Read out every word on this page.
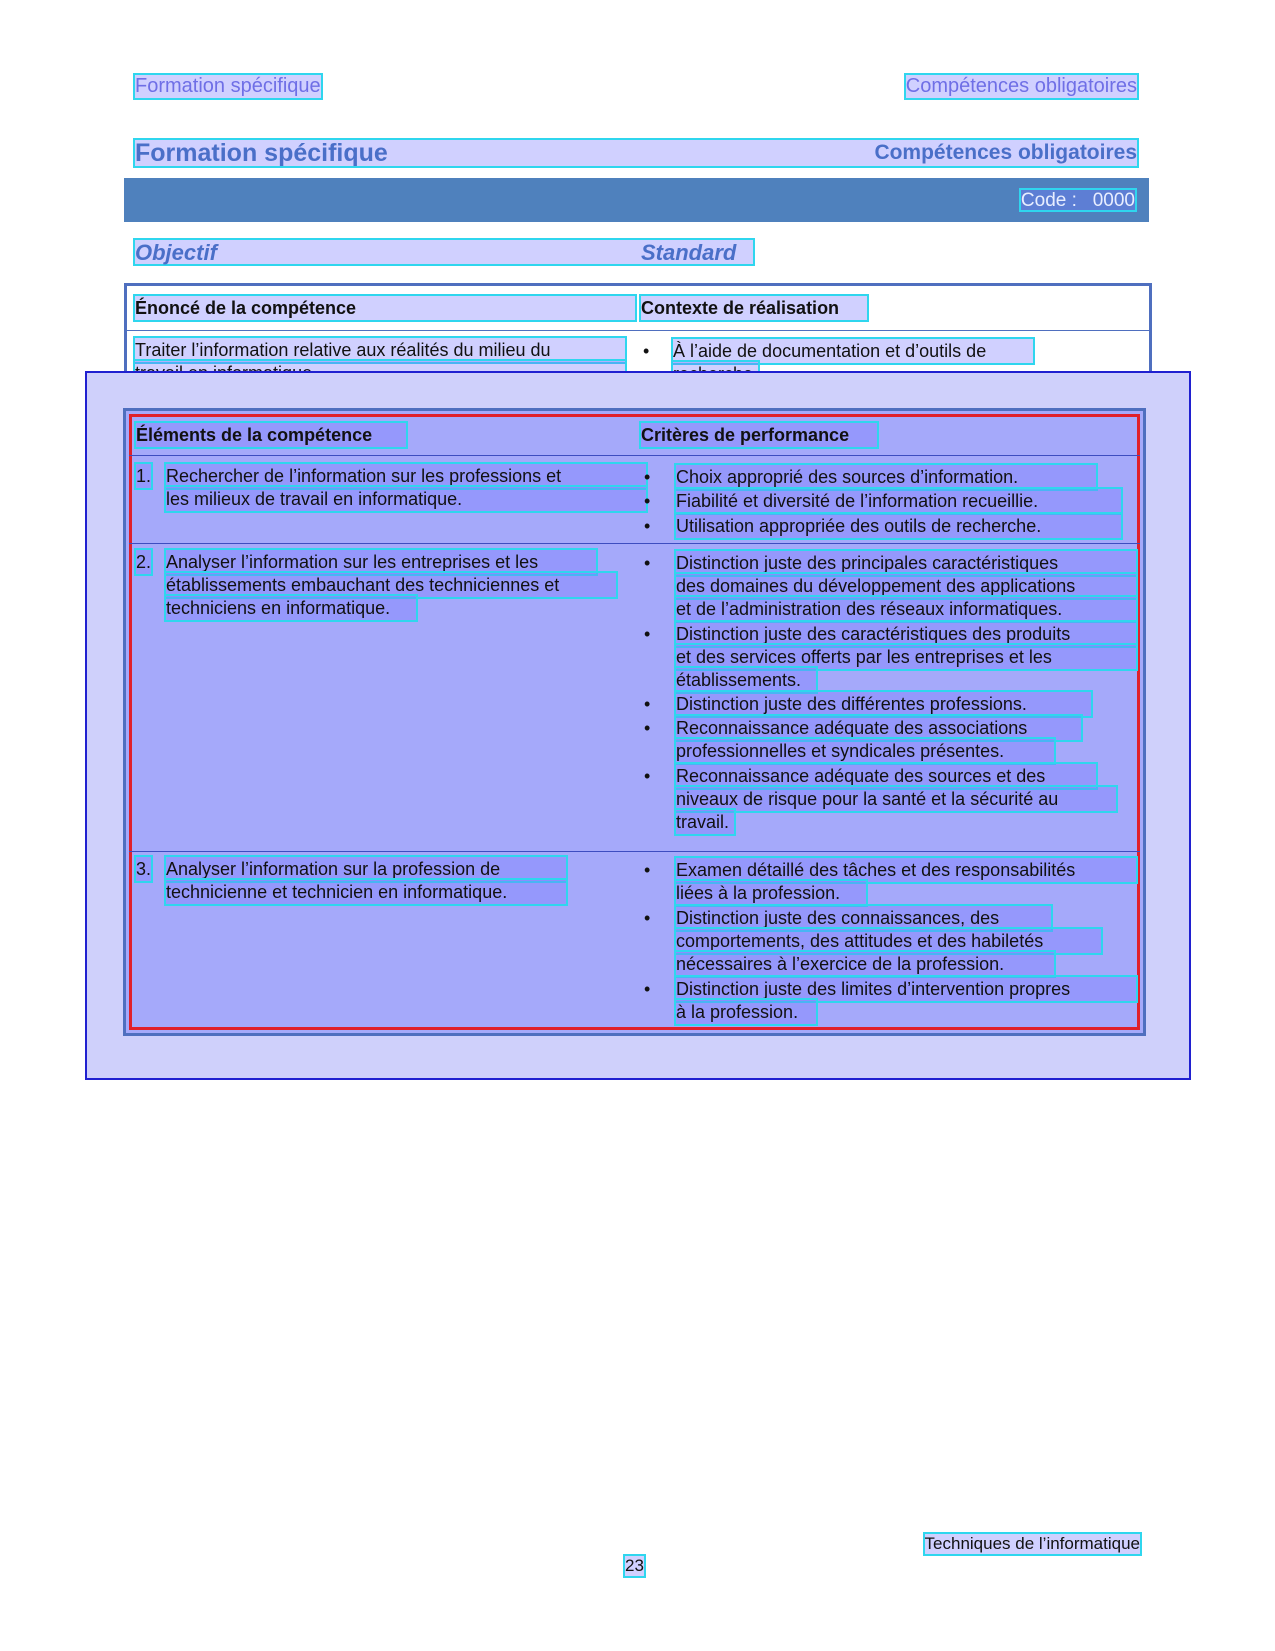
Formation spécifique	Compétences obligatoires
Formation spécifique	Compétences obligatoires
Code :   0000
Objectif	Standard
Énoncé de la compétence	Contexte de réalisation
Traiter l’information relative aux réalités du milieu du	• À l’aide de documentation et d’outils de
Éléments de la compétence	Critères de performance
1. Rechercher de l’information sur les professions et
les milieux de travail en informatique.
• Choix approprié des sources d’information.
• Fiabilité et diversité de l’information recueillie.
• Utilisation appropriée des outils de recherche.
2. Analyser l’information sur les entreprises et les
établissements embauchant des techniciennes et
techniciens en informatique.
• Distinction juste des principales caractéristiques
des domaines du développement des applications
et de l’administration des réseaux informatiques.
• Distinction juste des caractéristiques des produits
et des services offerts par les entreprises et les
établissements.
• Distinction juste des différentes professions.
• Reconnaissance adéquate des associations
professionnelles et syndicales présentes.
• Reconnaissance adéquate des sources et des
niveaux de risque pour la santé et la sécurité au
travail.
3. Analyser l’information sur la profession de
technicienne et technicien en informatique.
• Examen détaillé des tâches et des responsabilités
liées à la profession.
• Distinction juste des connaissances, des
comportements, des attitudes et des habiletés
nécessaires à l’exercice de la profession.
• Distinction juste des limites d’intervention propres
à la profession.
Techniques de l’informatique
23
